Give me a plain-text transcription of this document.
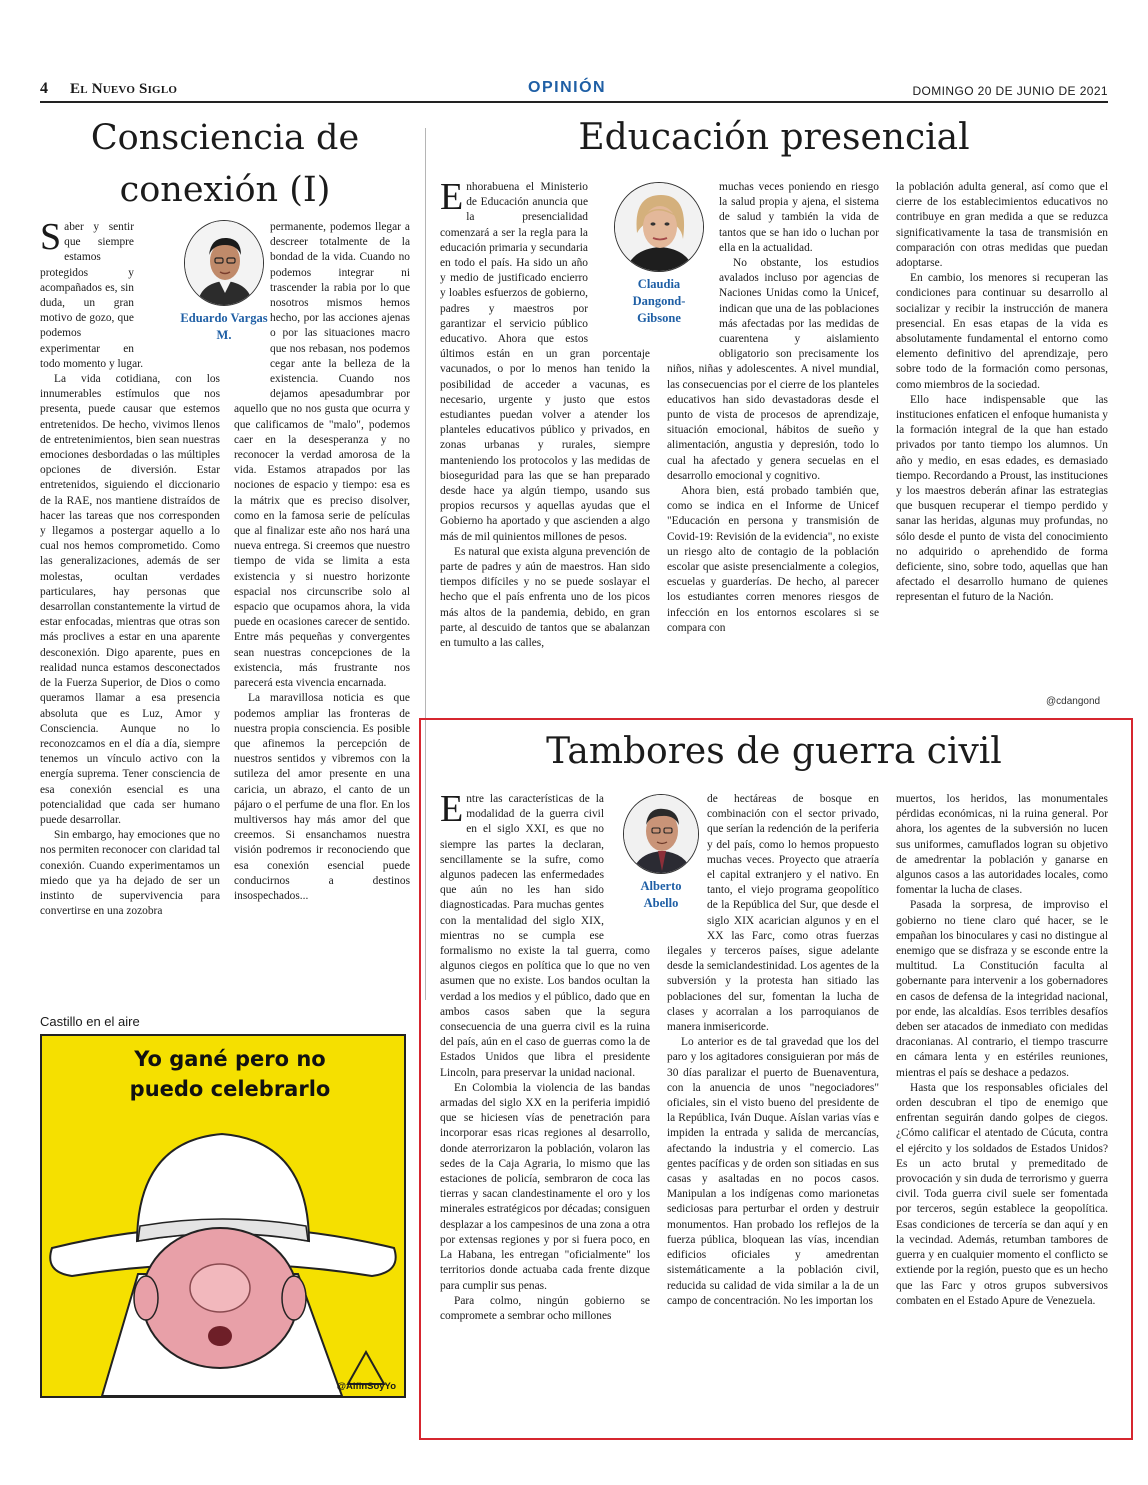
4 El Nuevo Siglo	OPINIÓN	DOMINGO 20 DE JUNIO DE 2021
Consciencia de conexión (I)
Eduardo Vargas M.

Saber y sentir que siempre estamos protegidos y acompañados es, sin duda, un gran motivo de gozo, que podemos experimentar en todo momento y lugar.

La vida cotidiana, con los innumerables estímulos que nos presenta, puede causar que estemos entretenidos. De hecho, vivimos llenos de entretenimientos, bien sean nuestras emociones desbordadas o las múltiples opciones de diversión. Estar entretenidos, siguiendo el diccionario de la RAE, nos mantiene distraídos de hacer las tareas que nos corresponden y llegamos a postergar aquello a lo cual nos hemos comprometido. Como las generalizaciones, además de ser molestas, ocultan verdades particulares, hay personas que desarrollan constantemente la virtud de estar enfocadas, mientras que otras son más proclives a estar en una aparente desconexión. Digo aparente, pues en realidad nunca estamos desconectados de la Fuerza Superior, de Dios o como queramos llamar a esa presencia absoluta que es Luz, Amor y Consciencia. Aunque no lo reconozcamos en el día a día, siempre tenemos un vínculo activo con la energía suprema. Tener consciencia de esa conexión esencial es una potencialidad que cada ser humano puede desarrollar.

Sin embargo, hay emociones que no nos permiten reconocer con claridad tal conexión. Cuando experimentamos un miedo que ya ha dejado de ser un instinto de supervivencia para convertirse en una zozobra

permanente, podemos llegar a descreer totalmente de la bondad de la vida. Cuando no podemos integrar ni trascender la rabia por lo que nosotros mismos hemos hecho, por las acciones ajenas o por las situaciones macro que nos rebasan, nos podemos cegar ante la belleza de la existencia. Cuando nos dejamos apesadumbrar por aquello que no nos gusta que ocurra y que calificamos de "malo", podemos caer en la desesperanza y no reconocer la verdad amorosa de la vida. Estamos atrapados por las nociones de espacio y tiempo: esa es la mátrix que es preciso disolver, como en la famosa serie de películas que al finalizar este año nos hará una nueva entrega. Si creemos que nuestro tiempo de vida se limita a esta existencia y si nuestro horizonte espacial nos circunscribe solo al espacio que ocupamos ahora, la vida puede en ocasiones carecer de sentido. Entre más pequeñas y convergentes sean nuestras concepciones de la existencia, más frustrante nos parecerá esta vivencia encarnada.

La maravillosa noticia es que podemos ampliar las fronteras de nuestra propia consciencia. Es posible que afinemos la percepción de nuestros sentidos y vibremos con la sutileza del amor presente en una caricia, un abrazo, el canto de un pájaro o el perfume de una flor. En los multiversos hay más amor del que creemos. Si ensanchamos nuestra visión podremos ir reconociendo que esa conexión esencial puede conducirnos a destinos insospechados...

Castillo en el aire
Yo gané pero no
puedo celebrarlo
@AlfinSoyYo
Educación presencial
Claudia
Dangond-
Gibsone

Enhorabuena el Ministerio de Educación anuncia que la presencialidad comenzará a ser la regla para la educación primaria y secundaria en todo el país. Ha sido un año y medio de justificado encierro y loables esfuerzos de gobierno, padres y maestros por garantizar el servicio público educativo. Ahora que estos últimos están en un gran porcentaje vacunados, o por lo menos han tenido la posibilidad de acceder a vacunas, es necesario, urgente y justo que estos estudiantes puedan volver a atender los planteles educativos público y privados, en zonas urbanas y rurales, siempre manteniendo los protocolos y las medidas de bioseguridad para las que se han preparado desde hace ya algún tiempo, usando sus propios recursos y aquellas ayudas que el Gobierno ha aportado y que ascienden a algo más de mil quinientos millones de pesos.

Es natural que exista alguna prevención de parte de padres y aún de maestros. Han sido tiempos difíciles y no se puede soslayar el hecho que el país enfrenta uno de los picos más altos de la pandemia, debido, en gran parte, al descuido de tantos que se abalanzan en tumulto a las calles,

muchas veces poniendo en riesgo la salud propia y ajena, el sistema de salud y también la vida de tantos que se han ido o luchan por ella en la actualidad.

No obstante, los estudios avalados incluso por agencias de Naciones Unidas como la Unicef, indican que una de las poblaciones más afectadas por las medidas de cuarentena y aislamiento obligatorio son precisamente los niños, niñas y adolescentes. A nivel mundial, las consecuencias por el cierre de los planteles educativos han sido devastadoras desde el punto de vista de procesos de aprendizaje, situación emocional, hábitos de sueño y alimentación, angustia y depresión, todo lo cual ha afectado y genera secuelas en el desarrollo emocional y cognitivo.

Ahora bien, está probado también que, como se indica en el Informe de Unicef "Educación en persona y transmisión de Covid-19: Revisión de la evidencia", no existe un riesgo alto de contagio de la población escolar que asiste presencialmente a colegios, escuelas y guarderías. De hecho, al parecer los estudiantes corren menores riesgos de infección en los entornos escolares si se compara con

la población adulta general, así como que el cierre de los establecimientos educativos no contribuye en gran medida a que se reduzca significativamente la tasa de transmisión en comparación con otras medidas que puedan adoptarse.

En cambio, los menores si recuperan las condiciones para continuar su desarrollo al socializar y recibir la instrucción de manera presencial. En esas etapas de la vida es absolutamente fundamental el entorno como elemento definitivo del aprendizaje, pero sobre todo de la formación como personas, como miembros de la sociedad.

Ello hace indispensable que las instituciones enfaticen el enfoque humanista y la formación integral de la que han estado privados por tanto tiempo los alumnos. Un año y medio, en esas edades, es demasiado tiempo. Recordando a Proust, las instituciones y los maestros deberán afinar las estrategias que busquen recuperar el tiempo perdido y sanar las heridas, algunas muy profundas, no sólo desde el punto de vista del conocimiento no adquirido o aprehendido de forma deficiente, sino, sobre todo, aquellas que han afectado el desarrollo humano de quienes representan el futuro de la Nación.

@cdangond
Tambores de guerra civil
Alberto
Abello

Entre las características de la modalidad de la guerra civil en el siglo XXI, es que no siempre las partes la declaran, sencillamente se la sufre, como algunos padecen las enfermedades que aún no les han sido diagnosticadas. Para muchas gentes con la mentalidad del siglo XIX, mientras no se cumpla ese formalismo no existe la tal guerra, como algunos ciegos en política que lo que no ven asumen que no existe. Los bandos ocultan la verdad a los medios y el público, dado que en ambos casos saben que la segura consecuencia de una guerra civil es la ruina del país, aún en el caso de guerras como la de Estados Unidos que libra el presidente Lincoln, para preservar la unidad nacional.

En Colombia la violencia de las bandas armadas del siglo XX en la periferia impidió que se hiciesen vías de penetración para incorporar esas ricas regiones al desarrollo, donde aterrorizaron la población, volaron las sedes de la Caja Agraria, lo mismo que las estaciones de policía, sembraron de coca las tierras y sacan clandestinamente el oro y los minerales estratégicos por décadas; consiguen desplazar a los campesinos de una zona a otra por extensas regiones y por si fuera poco, en La Habana, les entregan "oficialmente" los territorios donde actuaba cada frente dizque para cumplir sus penas.

Para colmo, ningún gobierno se compromete a sembrar ocho millones

de hectáreas de bosque en combinación con el sector privado, que serían la redención de la periferia y del país, como lo hemos propuesto muchas veces. Proyecto que atraería el capital extranjero y el nativo. En tanto, el viejo programa geopolítico de la República del Sur, que desde el siglo XIX acarician algunos y en el XX las Farc, como otras fuerzas ilegales y terceros países, sigue adelante desde la semiclandestinidad. Los agentes de la subversión y la protesta han sitiado las poblaciones del sur, fomentan la lucha de clases y acorralan a los parroquianos de manera inmisericorde.

Lo anterior es de tal gravedad que los del paro y los agitadores consiguieran por más de 30 días paralizar el puerto de Buenaventura, con la anuencia de unos "negociadores" oficiales, sin el visto bueno del presidente de la República, Iván Duque. Aíslan varias vías e impiden la entrada y salida de mercancías, afectando la industria y el comercio. Las gentes pacíficas y de orden son sitiadas en sus casas y asaltadas en no pocos casos. Manipulan a los indígenas como marionetas sediciosas para perturbar el orden y destruir monumentos. Han probado los reflejos de la fuerza pública, bloquean las vías, incendian edificios oficiales y amedrentan sistemáticamente a la población civil, reducida su calidad de vida similar a la de un campo de concentración. No les importan los

muertos, los heridos, las monumentales pérdidas económicas, ni la ruina general. Por ahora, los agentes de la subversión no lucen sus uniformes, camuflados logran su objetivo de amedrentar la población y ganarse en algunos casos a las autoridades locales, como fomentar la lucha de clases.

Pasada la sorpresa, de improviso el gobierno no tiene claro qué hacer, se le empañan los binoculares y casi no distingue al enemigo que se disfraza y se esconde entre la multitud. La Constitución faculta al gobernante para intervenir a los gobernadores en casos de defensa de la integridad nacional, por ende, las alcaldías. Esos terribles desafíos deben ser atacados de inmediato con medidas draconianas. Al contrario, el tiempo trascurre en cámara lenta y en estériles reuniones, mientras el país se deshace a pedazos.

Hasta que los responsables oficiales del orden descubran el tipo de enemigo que enfrentan seguirán dando golpes de ciegos. ¿Cómo calificar el atentado de Cúcuta, contra el ejército y los soldados de Estados Unidos? Es un acto brutal y premeditado de provocación y sin duda de terrorismo y guerra civil. Toda guerra civil suele ser fomentada por terceros, según establece la geopolítica. Esas condiciones de tercería se dan aquí y en la vecindad. Además, retumban tambores de guerra y en cualquier momento el conflicto se extiende por la región, puesto que es un hecho que las Farc y otros grupos subversivos combaten en el Estado Apure de Venezuela.
